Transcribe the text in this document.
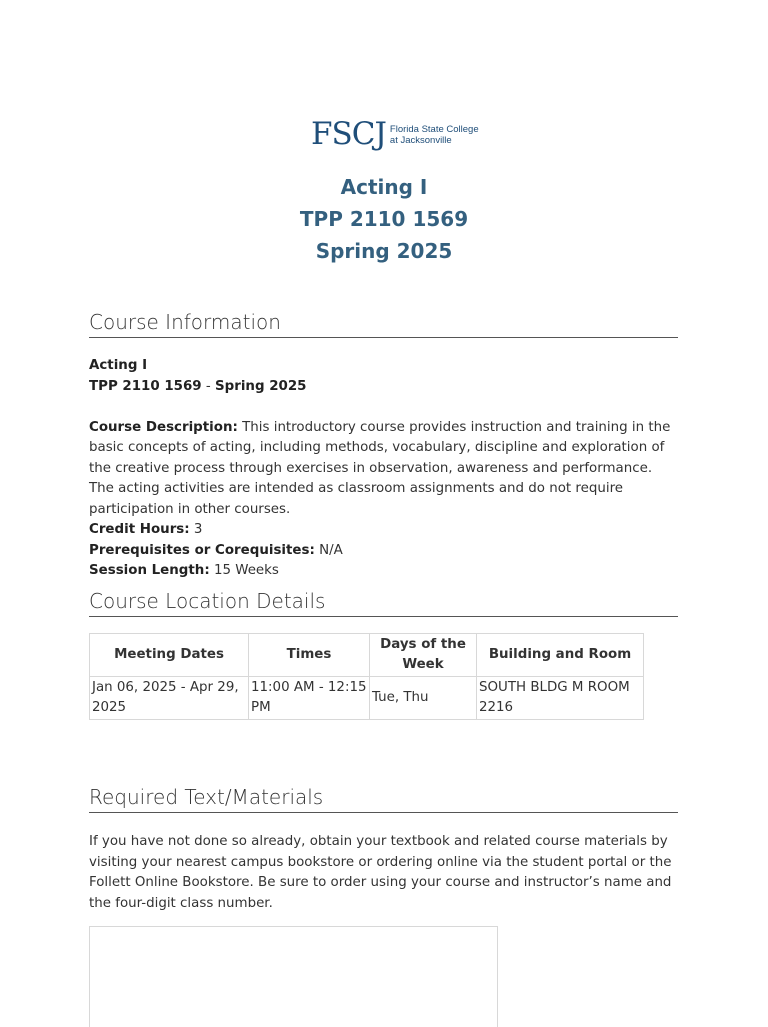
FSCJ Florida State College
at Jacksonville
Acting I
TPP 2110 1569
Spring 2025
Course Information
Acting I
TPP 2110 1569 - Spring 2025
Course Description: This introductory course provides instruction and training in the basic concepts of acting, including methods, vocabulary, discipline and exploration of the creative process through exercises in observation, awareness and performance. The acting activities are intended as classroom assignments and do not require participation in other courses.
Credit Hours: 3
Prerequisites or Corequisites: N/A
Session Length: 15 Weeks
Course Location Details
Meeting Dates	Times	Days of the Week	Building and Room
Jan 06, 2025 - Apr 29, 2025	11:00 AM - 12:15 PM	Tue, Thu	SOUTH BLDG M ROOM 2216
Required Text/Materials
If you have not done so already, obtain your textbook and related course materials by visiting your nearest campus bookstore or ordering online via the student portal or the Follett Online Bookstore. Be sure to order using your course and instructor’s name and the four-digit class number.
